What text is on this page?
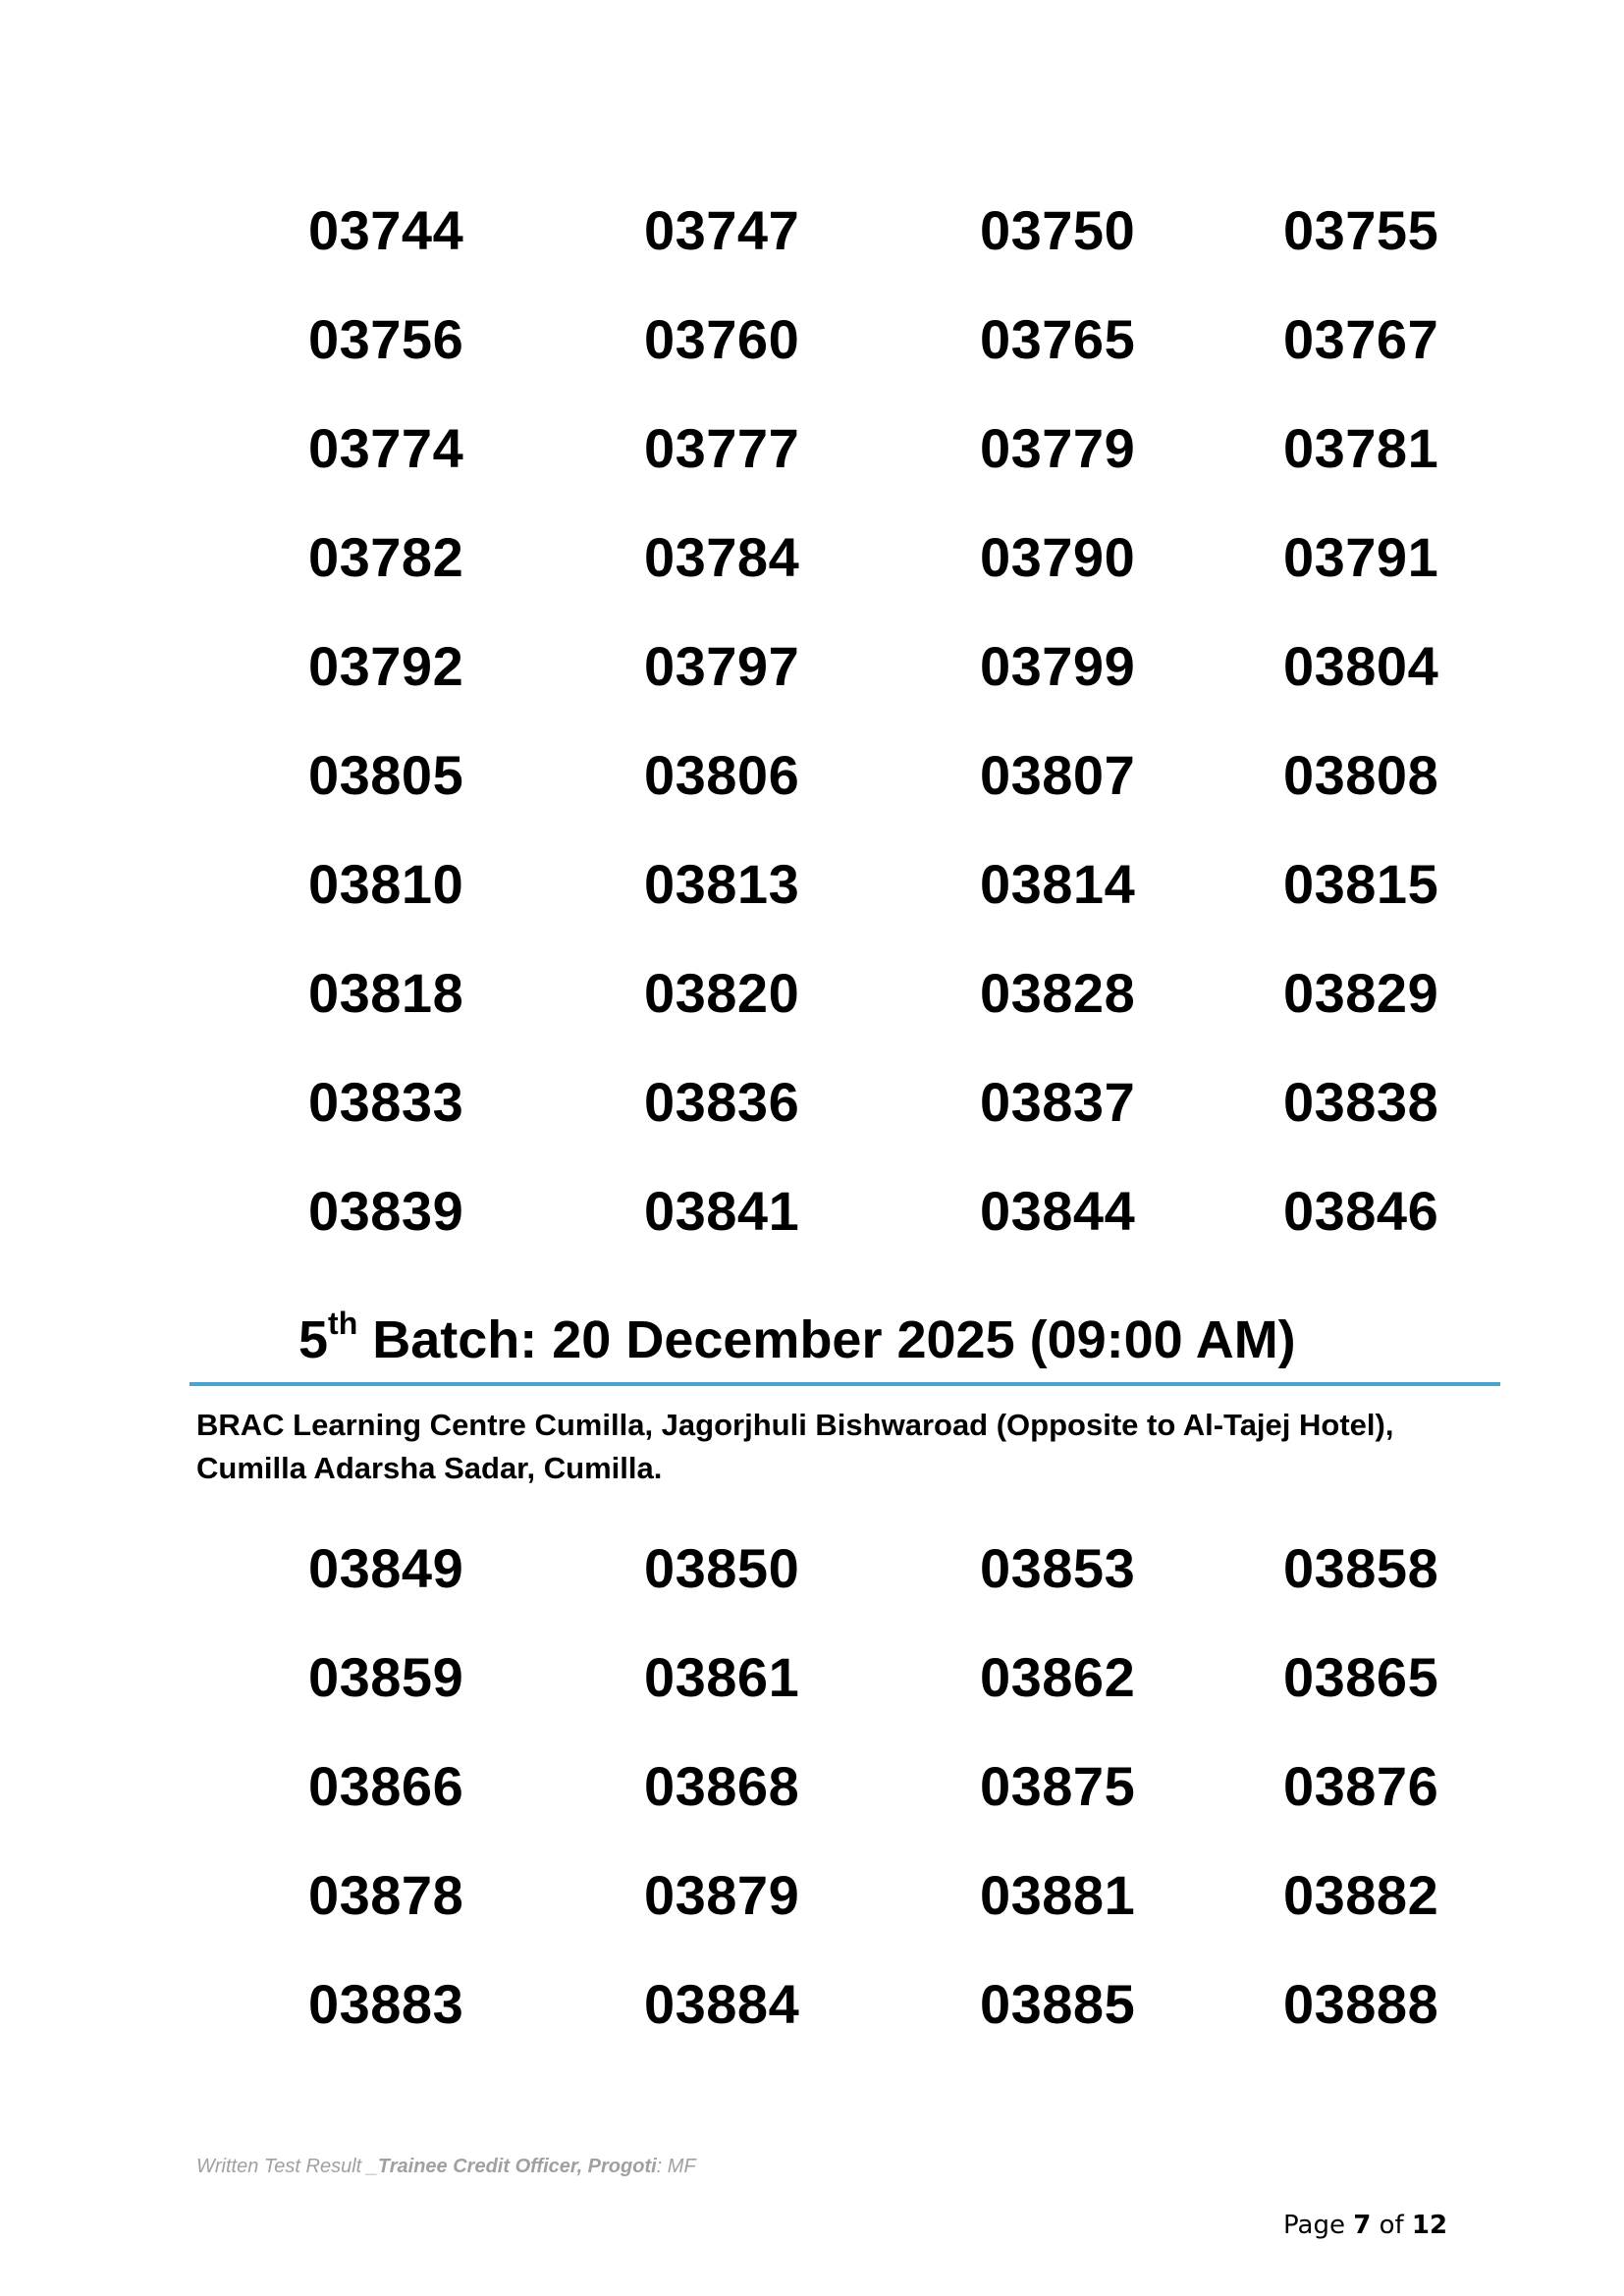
03744	03747	03750	03755
03756	03760	03765	03767
03774	03777	03779	03781
03782	03784	03790	03791
03792	03797	03799	03804
03805	03806	03807	03808
03810	03813	03814	03815
03818	03820	03828	03829
03833	03836	03837	03838
03839	03841	03844	03846
5th Batch: 20 December 2025 (09:00 AM)
BRAC Learning Centre Cumilla, Jagorjhuli Bishwaroad (Opposite to Al-Tajej Hotel), Cumilla Adarsha Sadar, Cumilla.
03849	03850	03853	03858
03859	03861	03862	03865
03866	03868	03875	03876
03878	03879	03881	03882
03883	03884	03885	03888
Written Test Result _Trainee Credit Officer, Progoti: MF
Page 7 of 12
